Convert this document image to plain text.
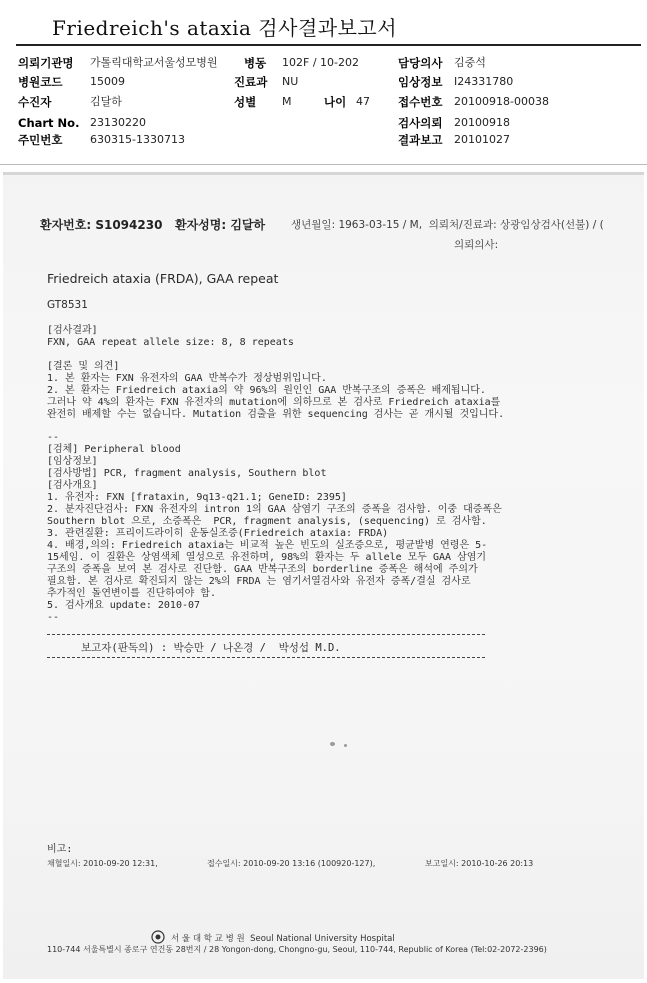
Friedreich's ataxia 검사결과보고서
의뢰기관명 가톨릭대학교서울성모병원 병동 102F / 10-202	담당의사 김중석
병원코드	15009	진료과 NU	임상정보 I24331780
수진자	김달하	성별 M	나이 47 접수번호 20100918-00038
Chart No. 23130220	검사의뢰 20100918
주민번호	630315-1330713	결과보고 20101027
환자번호: S1094230 환자성명: 김달하 생년월일: 1963-03-15 / M,  의뢰처/진료과: 상광임상검사(선불) / (
의뢰의사:
Friedreich ataxia (FRDA), GAA repeat
GT8531
[검사결과]
FXN, GAA repeat allele size: 8, 8 repeats
[결론 및 의견]
1. 본 환자는 FXN 유전자의 GAA 반복수가 정상범위입니다.
2. 본 환자는 Friedreich ataxia의 약 96%의 원인인 GAA 반복구조의 증폭은 배제됩니다.
그러나 약 4%의 환자는 FXN 유전자의 mutation에 의하므로 본 검사로 Friedreich ataxia를
완전히 배제할 수는 없습니다. Mutation 검출을 위한 sequencing 검사는 곧 개시될 것입니다.
--
[검체] Peripheral blood
[임상정보]
[검사방법] PCR, fragment analysis, Southern blot
[검사개요]
1. 유전자: FXN [frataxin, 9q13-q21.1; GeneID: 2395]
2. 분자진단검사: FXN 유전자의 intron 1의 GAA 삼염기 구조의 증폭을 검사함. 이중 대증폭은
Southern blot 으로, 소증폭은  PCR, fragment analysis, (sequencing) 로 검사함.
3. 관련질환: 프리이드라이히 운동실조증(Friedreich ataxia: FRDA)
4. 배경,의의: Friedreich ataxia는 비교적 높은 빈도의 실조증으로, 평균발병 연령은 5-
15세임. 이 질환은 상염색체 열성으로 유전하며, 98%의 환자는 두 allele 모두 GAA 삼염기
구조의 증폭을 보여 본 검사로 진단함. GAA 반복구조의 borderline 증폭은 해석에 주의가
필요함. 본 검사로 확진되지 않는 2%의 FRDA 는 염기서열검사와 유전자 증폭/결실 검사로
추가적인 돌연변이를 진단하여야 함.
5. 검사개요 update: 2010-07
--
보고자(판독의) : 박승만 / 나온경 /  박성섭 M.D.
비고:
채혈일시: 2010-09-20 12:31,	접수일시: 2010-09-20 13:16 (100920-127),	보고일시: 2010-10-26 20:13
서 울 대 학 교 병 원  Seoul National University Hospital
110-744 서울특별시 종로구 연건동 28번지 / 28 Yongon-dong, Chongno-gu, Seoul, 110-744, Republic of Korea (Tel:02-2072-2396)
